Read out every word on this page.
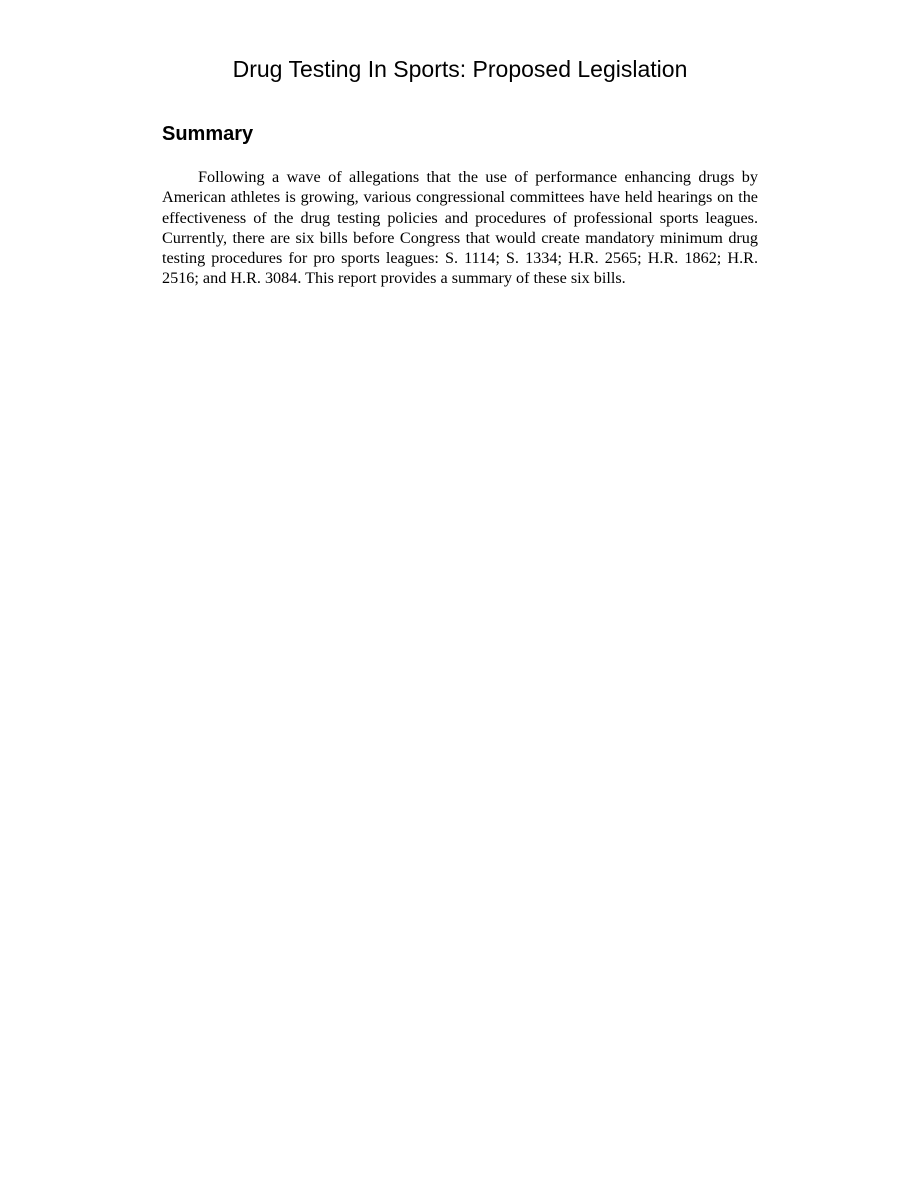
Drug Testing In Sports: Proposed Legislation
Summary

Following a wave of allegations that the use of performance enhancing drugs by American athletes is growing, various congressional committees have held hearings on the effectiveness of the drug testing policies and procedures of professional sports leagues. Currently, there are six bills before Congress that would create mandatory minimum drug testing procedures for pro sports leagues: S. 1114; S. 1334; H.R. 2565; H.R. 1862; H.R. 2516; and H.R. 3084. This report provides a summary of these six bills.
